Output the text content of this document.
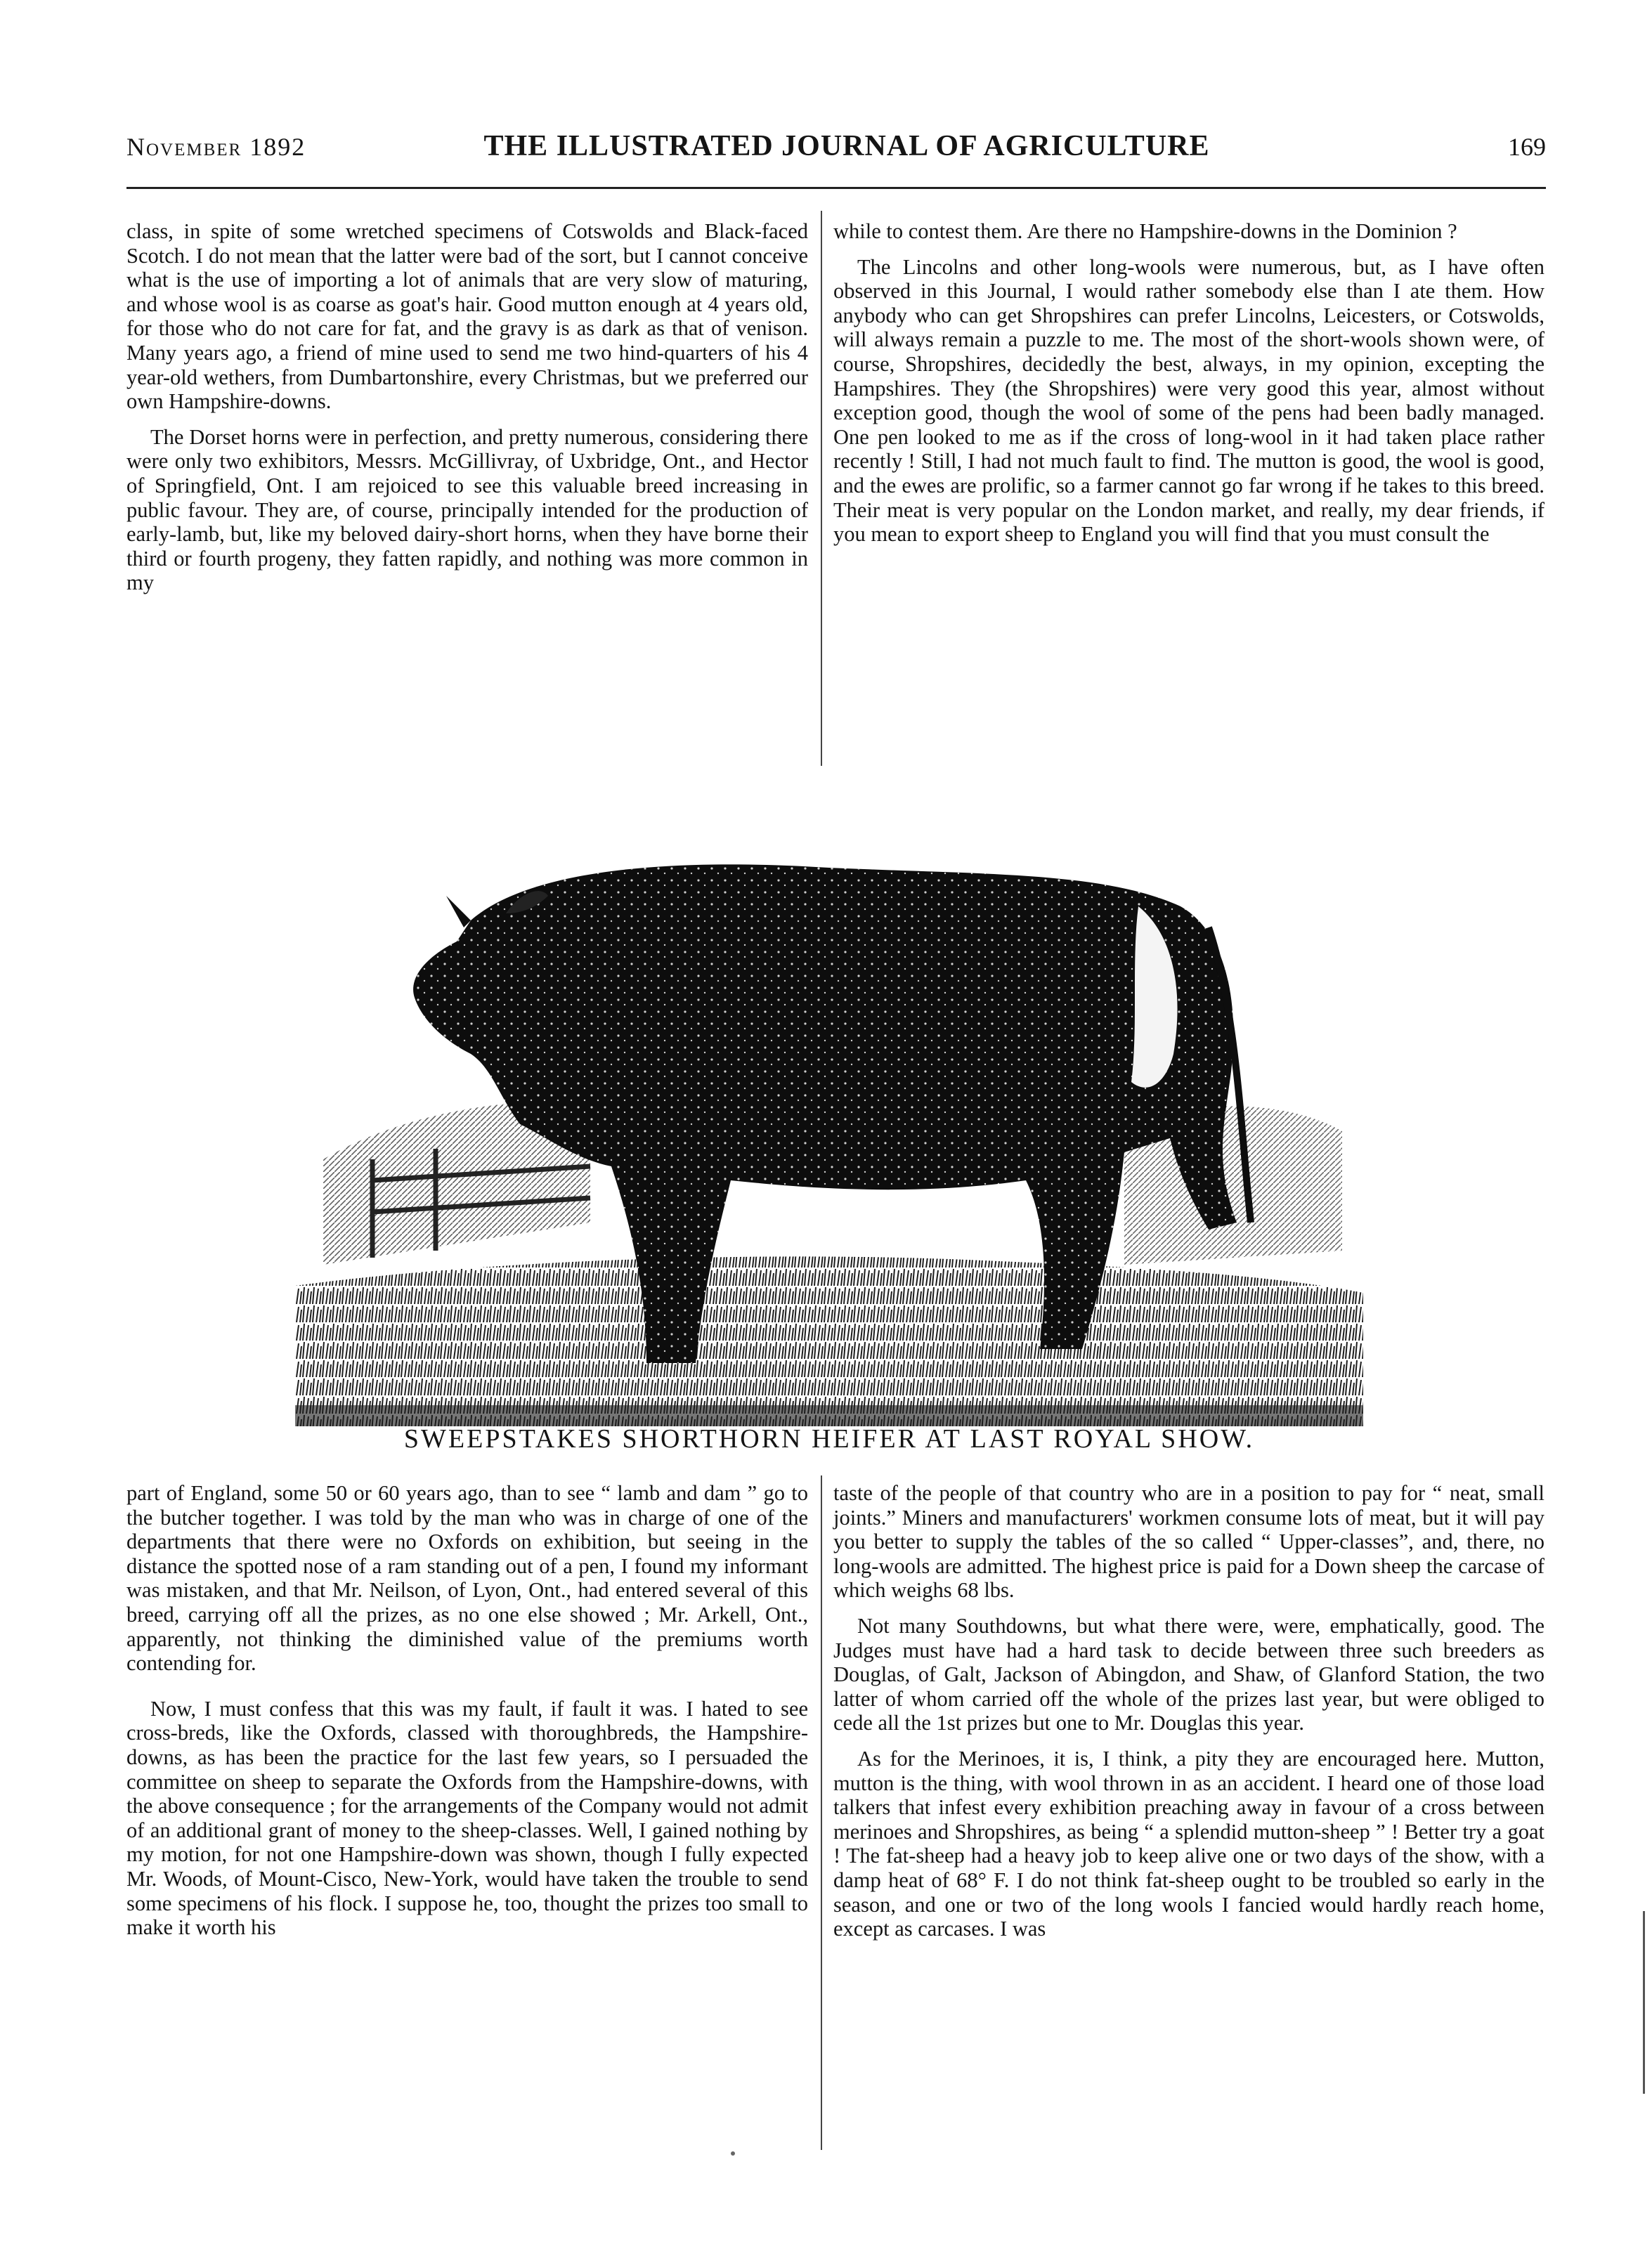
November 1892	THE ILLUSTRATED JOURNAL OF AGRICULTURE	169

class, in spite of some wretched specimens of Cotswolds and Black-faced Scotch. I do not mean that the latter were bad of the sort, but I cannot conceive what is the use of importing a lot of animals that are very slow of maturing, and whose wool is as coarse as goat's hair. Good mutton enough at 4 years old, for those who do not care for fat, and the gravy is as dark as that of venison. Many years ago, a friend of mine used to send me two hind-quarters of his 4 year-old wethers, from Dumbartonshire, every Christmas, but we preferred our own Hampshire-downs.

The Dorset horns were in perfection, and pretty numerous, considering there were only two exhibitors, Messrs. McGillivray, of Uxbridge, Ont., and Hector of Springfield, Ont. I am rejoiced to see this valuable breed increasing in public favour. They are, of course, principally intended for the production of early-lamb, but, like my beloved dairy-short horns, when they have borne their third or fourth progeny, they fatten rapidly, and nothing was more common in my

while to contest them. Are there no Hampshire-downs in the Dominion ?

The Lincolns and other long-wools were numerous, but, as I have often observed in this Journal, I would rather somebody else than I ate them. How anybody who can get Shropshires can prefer Lincolns, Leicesters, or Cotswolds, will always remain a puzzle to me. The most of the short-wools shown were, of course, Shropshires, decidedly the best, always, in my opinion, excepting the Hampshires. They (the Shropshires) were very good this year, almost without exception good, though the wool of some of the pens had been badly managed. One pen looked to me as if the cross of long-wool in it had taken place rather recently ! Still, I had not much fault to find. The mutton is good, the wool is good, and the ewes are prolific, so a farmer cannot go far wrong if he takes to this breed. Their meat is very popular on the London market, and really, my dear friends, if you mean to export sheep to England you will find that you must consult the

SWEEPSTAKES SHORTHORN HEIFER AT LAST ROYAL SHOW.

part of England, some 50 or 60 years ago, than to see “ lamb and dam ” go to the butcher together. I was told by the man who was in charge of one of the departments that there were no Oxfords on exhibition, but seeing in the distance the spotted nose of a ram standing out of a pen, I found my informant was mistaken, and that Mr. Neilson, of Lyon, Ont., had entered several of this breed, carrying off all the prizes, as no one else showed ; Mr. Arkell, Ont., apparently, not thinking the diminished value of the premiums worth contending for.

Now, I must confess that this was my fault, if fault it was. I hated to see cross-breds, like the Oxfords, classed with thoroughbreds, the Hampshire-downs, as has been the practice for the last few years, so I persuaded the committee on sheep to separate the Oxfords from the Hampshire-downs, with the above consequence ; for the arrangements of the Company would not admit of an additional grant of money to the sheep-classes. Well, I gained nothing by my motion, for not one Hampshire-down was shown, though I fully expected Mr. Woods, of Mount-Cisco, New-York, would have taken the trouble to send some specimens of his flock. I suppose he, too, thought the prizes too small to make it worth his

taste of the people of that country who are in a position to pay for “ neat, small joints.” Miners and manufacturers' workmen consume lots of meat, but it will pay you better to supply the tables of the so called “ Upper-classes”, and, there, no long-wools are admitted. The highest price is paid for a Down sheep the carcase of which weighs 68 lbs.

Not many Southdowns, but what there were, were, emphatically, good. The Judges must have had a hard task to decide between three such breeders as Douglas, of Galt, Jackson of Abingdon, and Shaw, of Glanford Station, the two latter of whom carried off the whole of the prizes last year, but were obliged to cede all the 1st prizes but one to Mr. Douglas this year.

As for the Merinoes, it is, I think, a pity they are encouraged here. Mutton, mutton is the thing, with wool thrown in as an accident. I heard one of those load talkers that infest every exhibition preaching away in favour of a cross between merinoes and Shropshires, as being “ a splendid mutton-sheep ” ! Better try a goat ! The fat-sheep had a heavy job to keep alive one or two days of the show, with a damp heat of 68° F. I do not think fat-sheep ought to be troubled so early in the season, and one or two of the long wools I fancied would hardly reach home, except as carcases. I was
